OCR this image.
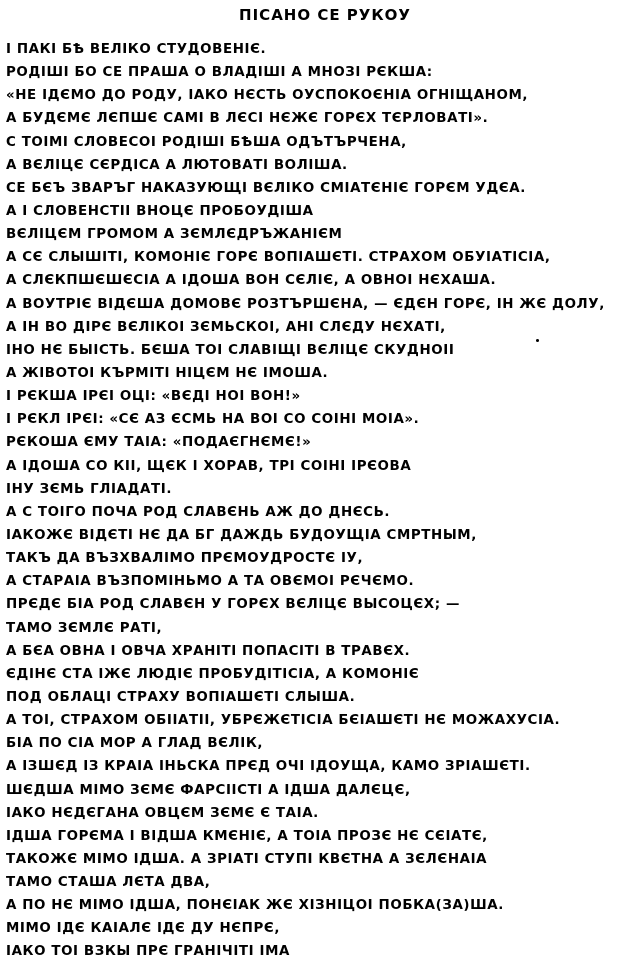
ПІСАНО СЕ РУКОУ
І ПАКІ БѢ ВЕЛІКО СТУДОВЕНІЄ.
РОДІШІ БО СЕ ПРАША О ВЛАДІШІ А МНОЗІ РЄКША:
«НЕ ІДЄМО ДО РОДУ, ІАКО НЄСТЬ ОУСПОКОЄНІА ОГНІЩАНОМ,
А БУДЄМЄ ЛЄПШЄ САМІ В ЛЄСІ НЄЖЄ ГОРЄХ ТЄРЛОВАТІ».
С ТОІМІ СЛОВЕСОІ РОДІШІ БѢША ОДЪТЪРЧЕНА,
А ВЄЛІЦЄ СЄРДІСА А ЛЮТОВАТІ ВОЛІША.
СЕ БЄЪ ЗВАРЪГ НАКАЗУЮЩІ ВЄЛІКО СМІАТЄНІЄ ГОРЄМ УДЄА.
А І СЛОВЕНСТІІ ВНОЦЄ ПРОБОУДІША
ВЄЛІЦЄМ ГРОМОМ А ЗЄМЛЄДРЪЖАНІЄМ
А СЄ СЛЫШІТІ, КОМОНІЄ ГОРЄ ВОПІАШЄТІ. СТРАХОМ ОБУІАТІСІА,
А СЛЄКПШЄШЄСІА А ІДОША ВОН СЄЛІЄ, А ОВНОІ НЄХАША.
А ВОУТРІЄ ВІДЄША ДОМОВЄ РОЗТЪРШЄНА, — ЄДЄН ГОРЄ, ІН ЖЄ ДОЛУ,
А ІН ВО ДІРЄ ВЄЛІКОІ ЗЄМЬСКОІ, АНІ СЛЄДУ НЄХАТІ,
ІНО НЄ БЫІСТЬ. БЄША ТОІ СЛАВІЩІ ВЄЛІЦЄ СКУДНОІІ
А ЖІВОТОІ КЪРМІТІ НІЦЄМ НЄ ІМОША.
І РЄКША ІРЄІ ОЦІ: «ВЄДІ НОІ ВОН!»
І РЄКЛ ІРЄІ: «СЄ АЗ ЄСМЬ НА ВОІ СО СОІНІ МОІА».
РЄКОША ЄМУ ТАІА: «ПОДАЄГНЄМЄ!»
А ІДОША СО КІІ, ЩЄК І ХОРАВ, ТРІ СОІНІ ІРЄОВА
ІНУ ЗЄМЬ ГЛІАДАТІ.
А С ТОІГО ПОЧА РОД СЛАВЄНЬ АЖ ДО ДНЄСЬ.
ІАКОЖЄ ВІДЄТІ НЄ ДА БГ ДАЖДЬ БУДОУЩІА СМРТНЫМ,
ТАКЪ ДА ВЪЗХВАЛІМО ПРЄМОУДРОСТЄ ІУ,
А СТАРАІА ВЪЗПОМІНЬМО А ТА ОВЄМОІ РЄЧЄМО.
ПРЄДЄ БІА РОД СЛАВЄН У ГОРЄХ ВЄЛІЦЄ ВЫСОЦЄХ; —
ТАМО ЗЄМЛЄ РАТІ,
А БЄА ОВНА І ОВЧА ХРАНІТІ ПОПАСІТІ В ТРАВЄХ.
ЄДІНЄ СТА ІЖЄ ЛЮДІЄ ПРОБУДІТІСІА, А КОМОНІЄ
ПОД ОБЛАЦІ СТРАХУ ВОПІАШЄТІ СЛЫША.
А ТОІ, СТРАХОМ ОБІІАТІІ, УБРЄЖЄТІСІА БЄІАШЄТІ НЄ МОЖАХУСІА.
БІА ПО СІА МОР А ГЛАД ВЄЛІК,
А ІЗШЄД ІЗ КРАІА ІНЬСКА ПРЄД ОЧІ ІДОУЩА, КАМО ЗРІАШЄТІ.
ШЄДША МІМО ЗЄМЄ ФАРСІІСТІ А ІДША ДАЛЄЦЄ,
ІАКО НЄДЄГАНА ОВЦЄМ ЗЄМЄ Є ТАІА.
ІДША ГОРЄМА І ВІДША КМЄНІЄ, А ТОІА ПРОЗЄ НЄ СЄІАТЄ,
ТАКОЖЄ МІМО ІДША. А ЗРІАТІ СТУПІ КВЄТНА А ЗЄЛЄНАІА
ТАМО СТАША ЛЄТА ДВА,
А ПО НЄ МІМО ІДША, ПОНЄІАК ЖЄ ХІЗНІЦОІ ПОБКА(ЗА)ША.
МІМО ІДЄ КАІАЛЄ ІДЄ ДУ НЄПРЄ,
ІАКО ТОІ ВЗКЫ ПРЄ ГРАНІЧІТІ ІМА
